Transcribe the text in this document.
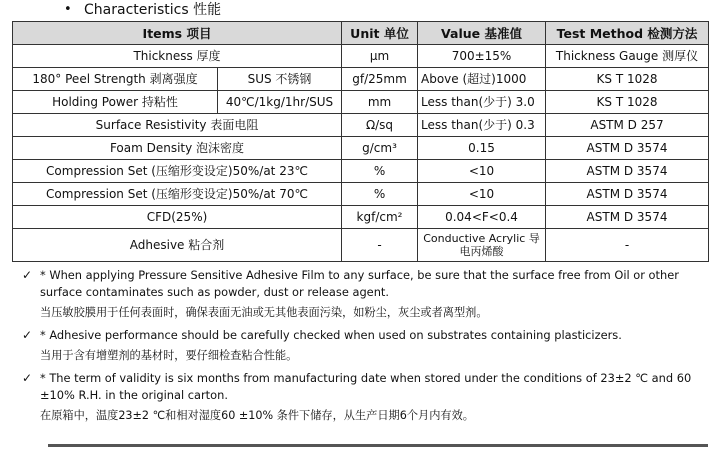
• Characteristics 性能
Items 项目		Unit 单位	Value 基准值	Test Method 检测方法
Thickness 厚度		μm	700±15%	Thickness Gauge 测厚仪
180° Peel Strength 剥离强度	SUS 不锈钢	gf/25mm	Above (超过)1000	KS T 1028
Holding Power 持粘性	40℃/1kg/1hr/SUS	mm	Less than(少于) 3.0	KS T 1028
Surface Resistivity 表面电阻		Ω/sq	Less than(少于) 0.3	ASTM D 257
Foam Density 泡沫密度		g/cm³	0.15	ASTM D 3574
Compression Set (压缩形变设定)50%/at 23℃		%	<10	ASTM D 3574
Compression Set (压缩形变设定)50%/at 70℃		%	<10	ASTM D 3574
CFD(25%)		kgf/cm²	0.04<F<0.4	ASTM D 3574
Adhesive 粘合剂		-	Conductive Acrylic 导电丙烯酸	-
✓ * When applying Pressure Sensitive Adhesive Film to any surface, be sure that the surface free from Oil or other surface contaminates such as powder, dust or release agent.
当压敏胶膜用于任何表面时，确保表面无油或无其他表面污染，如粉尘，灰尘或者离型剂。
✓ * Adhesive performance should be carefully checked when used on substrates containing plasticizers.
当用于含有增塑剂的基材时，要仔细检查粘合性能。
✓ * The term of validity is six months from manufacturing date when stored under the conditions of 23±2 ℃ and 60 ±10% R.H. in the original carton.
在原箱中，温度23±2 ℃和相对湿度60 ±10% 条件下储存，从生产日期6个月内有效。
